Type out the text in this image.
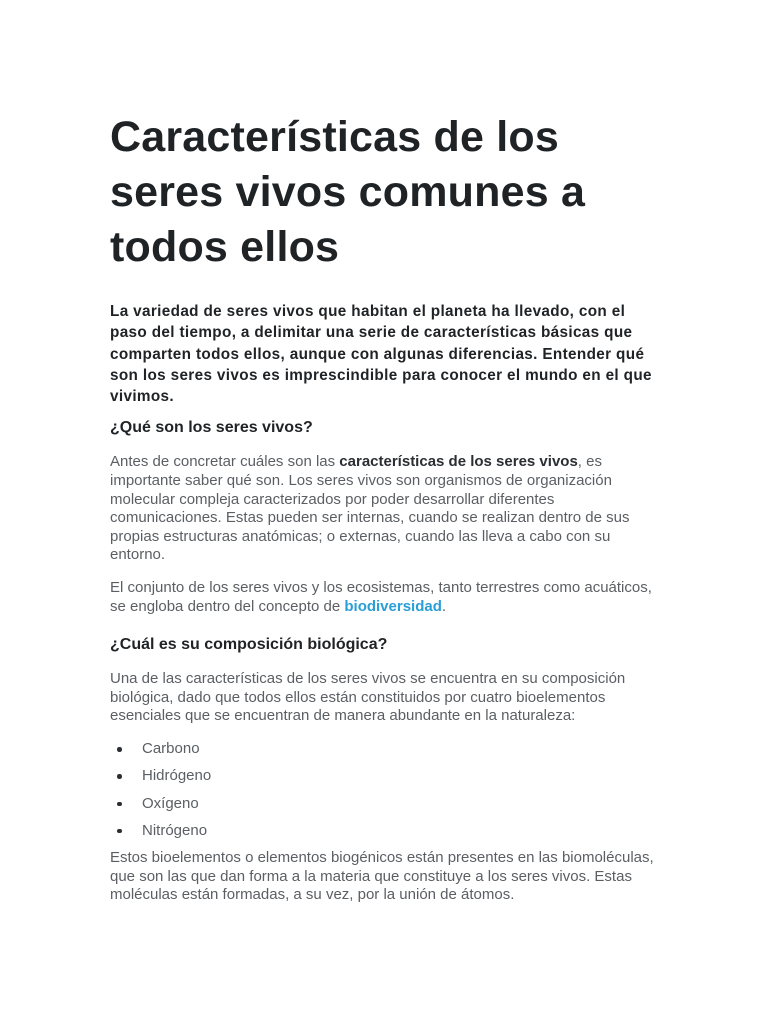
Características de los seres vivos comunes a todos ellos

La variedad de seres vivos que habitan el planeta ha llevado, con el paso del tiempo, a delimitar una serie de características básicas que comparten todos ellos, aunque con algunas diferencias. Entender qué son los seres vivos es imprescindible para conocer el mundo en el que vivimos.

¿Qué son los seres vivos?

Antes de concretar cuáles son las características de los seres vivos, es importante saber qué son. Los seres vivos son organismos de organización molecular compleja caracterizados por poder desarrollar diferentes comunicaciones. Estas pueden ser internas, cuando se realizan dentro de sus propias estructuras anatómicas; o externas, cuando las lleva a cabo con su entorno.

El conjunto de los seres vivos y los ecosistemas, tanto terrestres como acuáticos, se engloba dentro del concepto de biodiversidad.

¿Cuál es su composición biológica?

Una de las características de los seres vivos se encuentra en su composición biológica, dado que todos ellos están constituidos por cuatro bioelementos esenciales que se encuentran de manera abundante en la naturaleza:

Carbono
Hidrógeno
Oxígeno
Nitrógeno

Estos bioelementos o elementos biogénicos están presentes en las biomoléculas, que son las que dan forma a la materia que constituye a los seres vivos. Estas moléculas están formadas, a su vez, por la unión de átomos.
